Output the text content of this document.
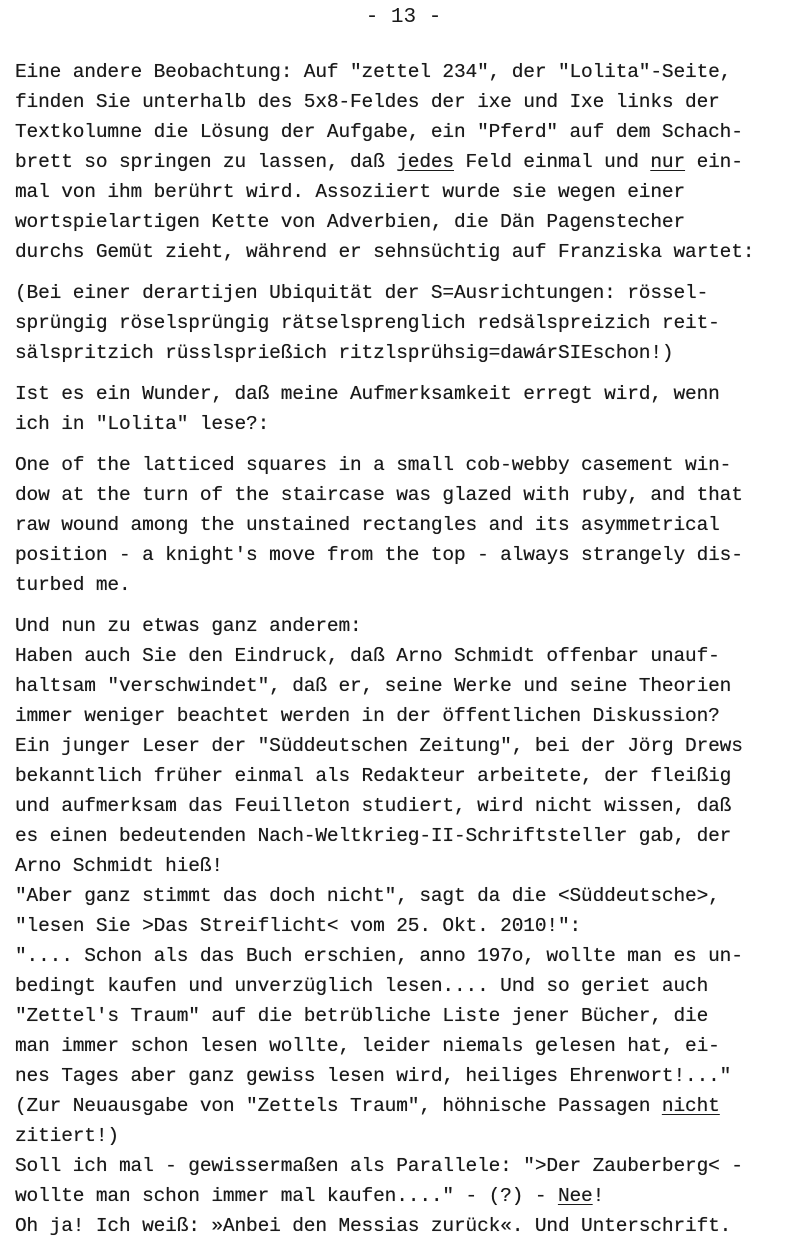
- 13 -
Eine andere Beobachtung: Auf "zettel 234", der "Lolita"-Seite,
finden Sie unterhalb des 5x8-Feldes der ixe und Ixe links der
Textkolumne die Lösung der Aufgabe, ein "Pferd" auf dem Schach-
brett so springen zu lassen, daß jedes Feld einmal und nur ein-
mal von ihm berührt wird. Assoziiert wurde sie wegen einer
wortspielartigen Kette von Adverbien, die Dän Pagenstecher
durchs Gemüt zieht, während er sehnsüchtig auf Franziska wartet:
(Bei einer derartijen Ubiquität der S=Ausrichtungen: rössel-
sprüngig röselsprüngig rätselsprenglich redsälspreizich reit-
sälspritzich rüsslspriеßich ritzlsprühsig=dawárSIEschon!)
Ist es ein Wunder, daß meine Aufmerksamkeit erregt wird, wenn
ich in "Lolita" lese?:
One of the latticed squares in a small cob-webby casement win-
dow at the turn of the staircase was glazed with ruby, and that
raw wound among the unstained rectangles and its asymmetrical
position - a knight's move from the top - always strangely dis-
turbed me.
Und nun zu etwas ganz anderem:
Haben auch Sie den Eindruck, daß Arno Schmidt offenbar unauf-
haltsam "verschwindet", daß er, seine Werke und seine Theorien
immer weniger beachtet werden in der öffentlichen Diskussion?
Ein junger Leser der "Süddeutschen Zeitung", bei der Jörg Drews
bekanntlich früher einmal als Redakteur arbeitete, der fleißig
und aufmerksam das Feuilleton studiert, wird nicht wissen, daß
es einen bedeutenden Nach-Weltkrieg-II-Schriftsteller gab, der
Arno Schmidt hieß!
"Aber ganz stimmt das doch nicht", sagt da die <Süddeutsche>,
"lesen Sie >Das Streiflicht< vom 25. Okt. 2010!":
".... Schon als das Buch erschien, anno 197o, wollte man es un-
bedingt kaufen und unverzüglich lesen.... Und so geriet auch
"Zettel's Traum" auf die betrübliche Liste jener Bücher, die
man immer schon lesen wollte, leider niemals gelesen hat, ei-
nes Tages aber ganz gewiss lesen wird, heiliges Ehrenwort!..."
(Zur Neuausgabe von "Zettels Traum", höhnische Passagen nicht
zitiert!)
Soll ich mal - gewissermaßen als Parallele: ">Der Zauberberg< -
wollte man schon immer mal kaufen...." - (?) - Nee!
Oh ja! Ich weiß: »Anbei den Messias zurück«. Und Unterschrift.
